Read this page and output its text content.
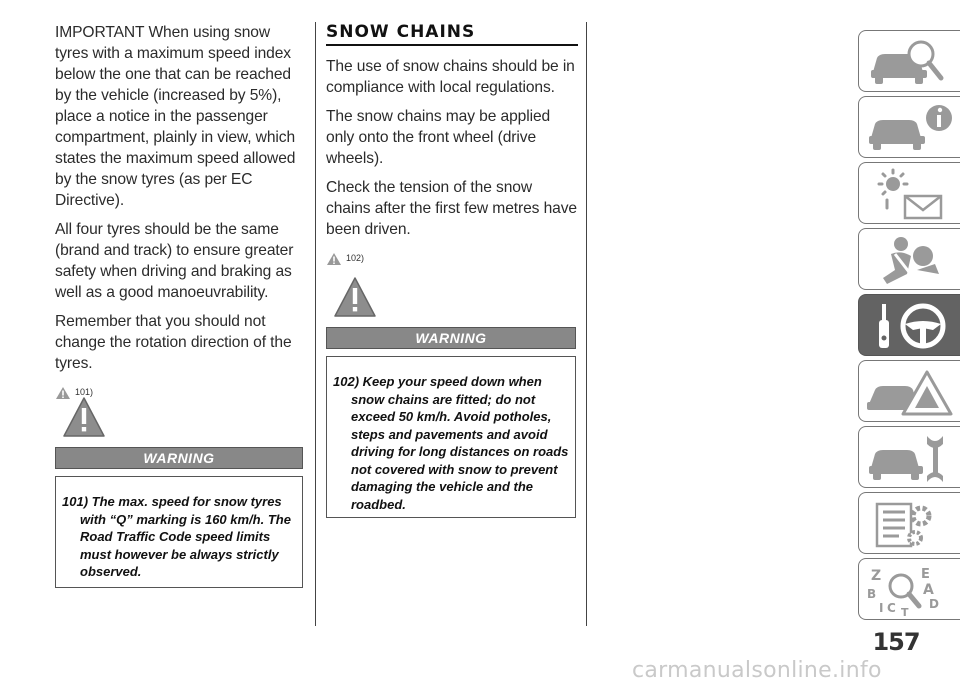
IMPORTANT When using snow tyres with a maximum speed index below the one that can be reached by the vehicle (increased by 5%), place a notice in the passenger compartment, plainly in view, which states the maximum speed allowed by the snow tyres (as per EC Directive).

All four tyres should be the same (brand and track) to ensure greater safety when driving and braking as well as a good manoeuvrability.

Remember that you should not change the rotation direction of the tyres.

101)
WARNING
101) The max. speed for snow tyres with “Q” marking is 160 km/h. The Road Traffic Code speed limits must however be always strictly observed.
SNOW CHAINS

The use of snow chains should be in compliance with local regulations.

The snow chains may be applied only onto the front wheel (drive wheels).

Check the tension of the snow chains after the first few metres have been driven.

102)
WARNING
102) Keep your speed down when snow chains are fitted; do not exceed 50 km/h. Avoid potholes, steps and pavements and avoid driving for long distances on roads not covered with snow to prevent damaging the vehicle and the roadbed.
Z	E
A
B
C	D
T
I
157
carmanualsonline.info
